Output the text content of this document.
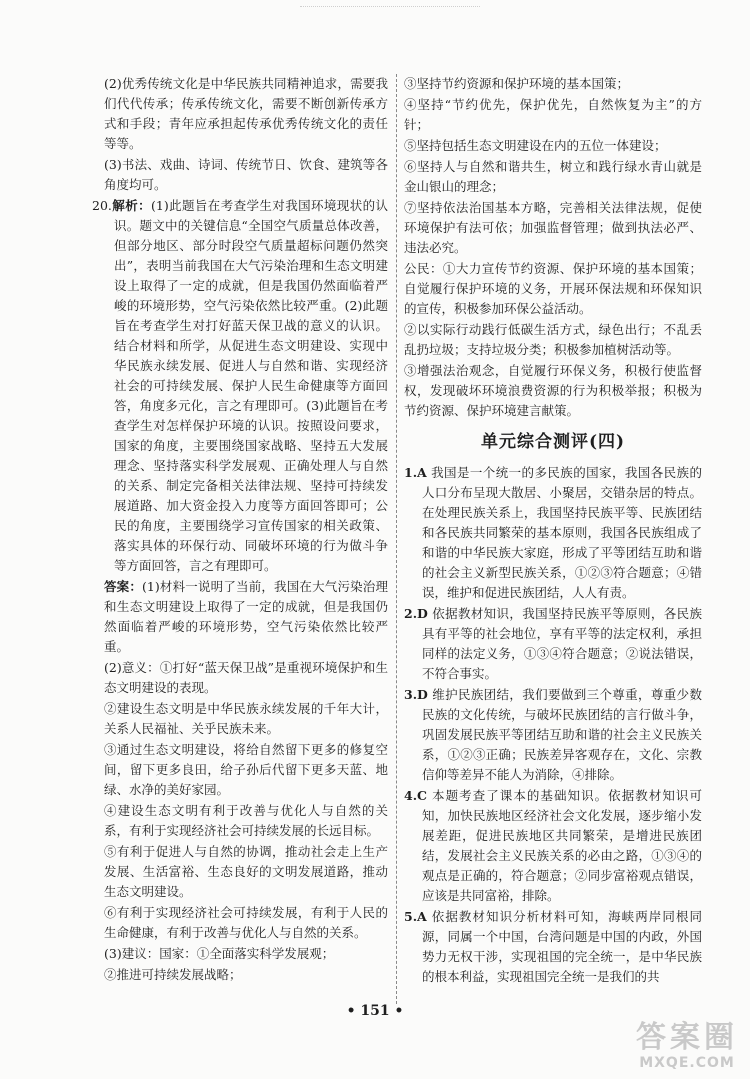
(2)优秀传统文化是中华民族共同精神追求，需要我们代代传承；传承传统文化，需要不断创新传承方式和手段；青年应承担起传承优秀传统文化的责任等等。

(3)书法、戏曲、诗词、传统节日、饮食、建筑等各角度均可。

20.解析：(1)此题旨在考查学生对我国环境现状的认识。题文中的关键信息“全国空气质量总体改善，但部分地区、部分时段空气质量超标问题仍然突出”，表明当前我国在大气污染治理和生态文明建设上取得了一定的成就，但是我国仍然面临着严峻的环境形势，空气污染依然比较严重。(2)此题旨在考查学生对打好蓝天保卫战的意义的认识。结合材料和所学，从促进生态文明建设、实现中华民族永续发展、促进人与自然和谐、实现经济社会的可持续发展、保护人民生命健康等方面回答，角度多元化，言之有理即可。(3)此题旨在考查学生对怎样保护环境的认识。按照设问要求，国家的角度，主要围绕国家战略、坚持五大发展理念、坚持落实科学发展观、正确处理人与自然的关系、制定完备相关法律法规、坚持可持续发展道路、加大资金投入力度等方面回答即可；公民的角度，主要围绕学习宣传国家的相关政策、落实具体的环保行动、同破坏环境的行为做斗争等方面回答，言之有理即可。

答案：(1)材料一说明了当前，我国在大气污染治理和生态文明建设上取得了一定的成就，但是我国仍然面临着严峻的环境形势，空气污染依然比较严重。

(2)意义：①打好“蓝天保卫战”是重视环境保护和生态文明建设的表现。

②建设生态文明是中华民族永续发展的千年大计，关系人民福祉、关乎民族未来。

③通过生态文明建设，将给自然留下更多的修复空间，留下更多良田，给子孙后代留下更多天蓝、地绿、水净的美好家园。

④建设生态文明有利于改善与优化人与自然的关系，有利于实现经济社会可持续发展的长远目标。

⑤有利于促进人与自然的协调，推动社会走上生产发展、生活富裕、生态良好的文明发展道路，推动生态文明建设。

⑥有利于实现经济社会可持续发展，有利于人民的生命健康，有利于改善与优化人与自然的关系。

(3)建议：国家：①全面落实科学发展观；

②推进可持续发展战略；

③坚持节约资源和保护环境的基本国策；

④坚持“节约优先，保护优先，自然恢复为主”的方针；

⑤坚持包括生态文明建设在内的五位一体建设；

⑥坚持人与自然和谐共生，树立和践行绿水青山就是金山银山的理念；

⑦坚持依法治国基本方略，完善相关法律法规，促使环境保护有法可依；加强监督管理；做到执法必严、违法必究。

公民：①大力宣传节约资源、保护环境的基本国策；自觉履行保护环境的义务，开展环保法规和环保知识的宣传，积极参加环保公益活动。

②以实际行动践行低碳生活方式，绿色出行；不乱丢乱扔垃圾；支持垃圾分类；积极参加植树活动等。

③增强法治观念，自觉履行环保义务，积极行使监督权，发现破坏环境浪费资源的行为积极举报；积极为节约资源、保护环境建言献策。

单元综合测评(四)

1.A 我国是一个统一的多民族的国家，我国各民族的人口分布呈现大散居、小聚居，交错杂居的特点。在处理民族关系上，我国坚持民族平等、民族团结和各民族共同繁荣的基本原则，我国各民族组成了和谐的中华民族大家庭，形成了平等团结互助和谐的社会主义新型民族关系，①②③符合题意；④错误，维护和促进民族团结，人人有责。

2.D 依据教材知识，我国坚持民族平等原则，各民族具有平等的社会地位，享有平等的法定权利，承担同样的法定义务，①③④符合题意；②说法错误，不符合事实。

3.D 维护民族团结，我们要做到三个尊重，尊重少数民族的文化传统，与破坏民族团结的言行做斗争，巩固发展民族平等团结互助和谐的社会主义民族关系，①②③正确；民族差异客观存在，文化、宗教信仰等差异不能人为消除，④排除。

4.C 本题考查了课本的基础知识。依据教材知识可知，加快民族地区经济社会文化发展，逐步缩小发展差距，促进民族地区共同繁荣，是增进民族团结，发展社会主义民族关系的必由之路，①③④的观点是正确的，符合题意；②同步富裕观点错误，应该是共同富裕，排除。

5.A 依据教材知识分析材料可知，海峡两岸同根同源，同属一个中国，台湾问题是中国的内政，外国势力无权干涉，实现祖国的完全统一，是中华民族的根本利益，实现祖国完全统一是我们的共

• 151 •
答案圈
MXQE.COM
